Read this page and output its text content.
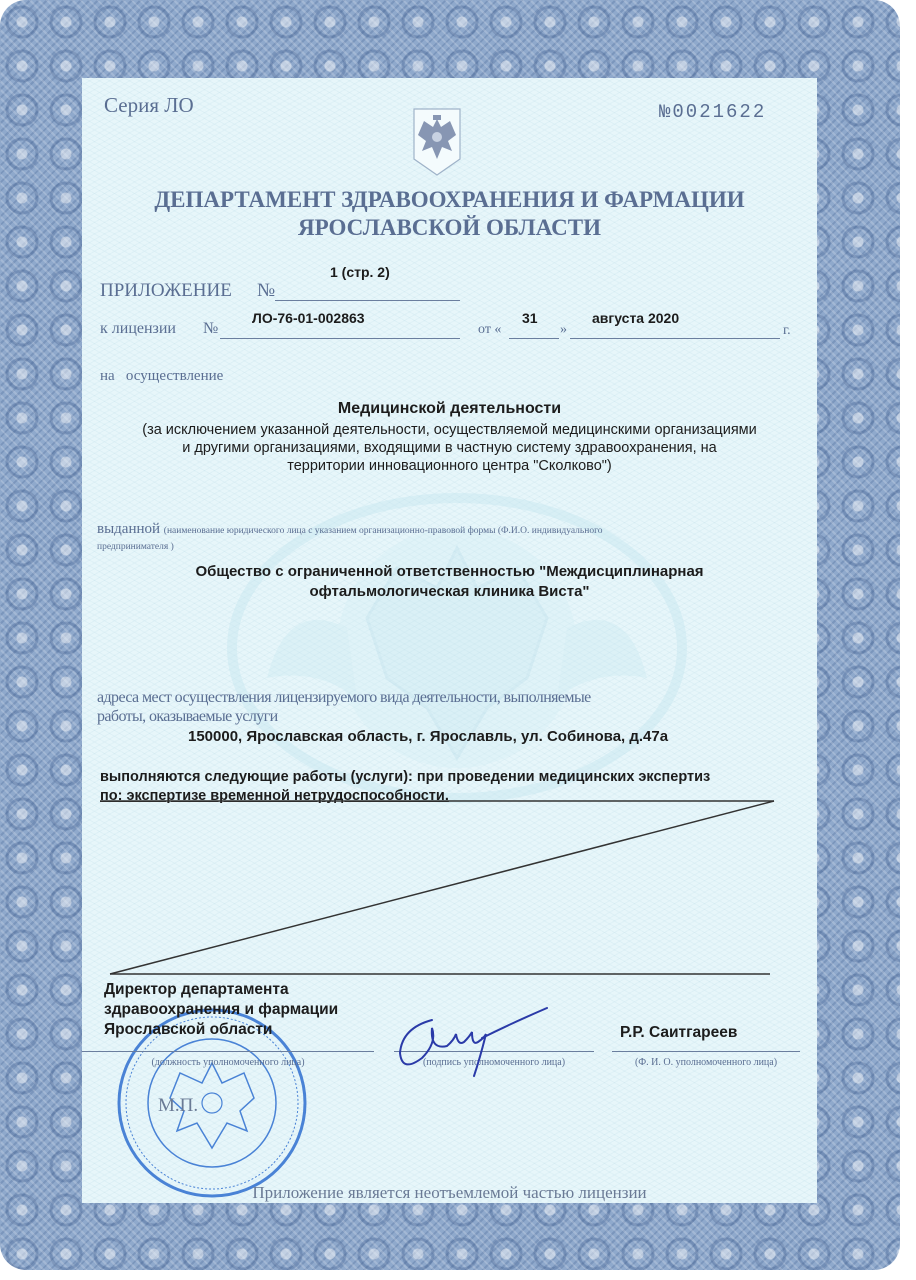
Серия ЛО	№0021622
ДЕПАРТАМЕНТ ЗДРАВООХРАНЕНИЯ И ФАРМАЦИИ
ЯРОСЛАВСКОЙ ОБЛАСТИ
ПРИЛОЖЕНИЕ №
1 (стр. 2)
к лицензии №
ЛО-76-01-002863
от «
31
»
августа 2020
г.
на   осуществление
Медицинской деятельности
(за исключением указанной деятельности, осуществляемой медицинскими организациями
и другими организациями, входящими в частную систему здравоохранения, на
территории инновационного центра "Сколково")
выданной (наименование юридического лица с указанием организационно-правовой формы (Ф.И.О. индивидуального
предпринимателя )
Общество с ограниченной ответственностью "Междисциплинарная
офтальмологическая клиника Виста"
адреса мест осуществления лицензируемого вида деятельности, выполняемые
работы, оказываемые услуги
150000, Ярославская область, г. Ярославль, ул. Собинова, д.47а
выполняются следующие работы (услуги): при проведении медицинских экспертиз
по: экспертизе временной нетрудоспособности.
Директор департамента
здравоохранения и фармации
Ярославской области	Р.Р. Саитгареев
(должность уполномоченного лица)	(подпись уполномоченного лица)	(Ф. И. О. уполномоченного лица)
М.П.
Приложение является неотъемлемой частью лицензии
